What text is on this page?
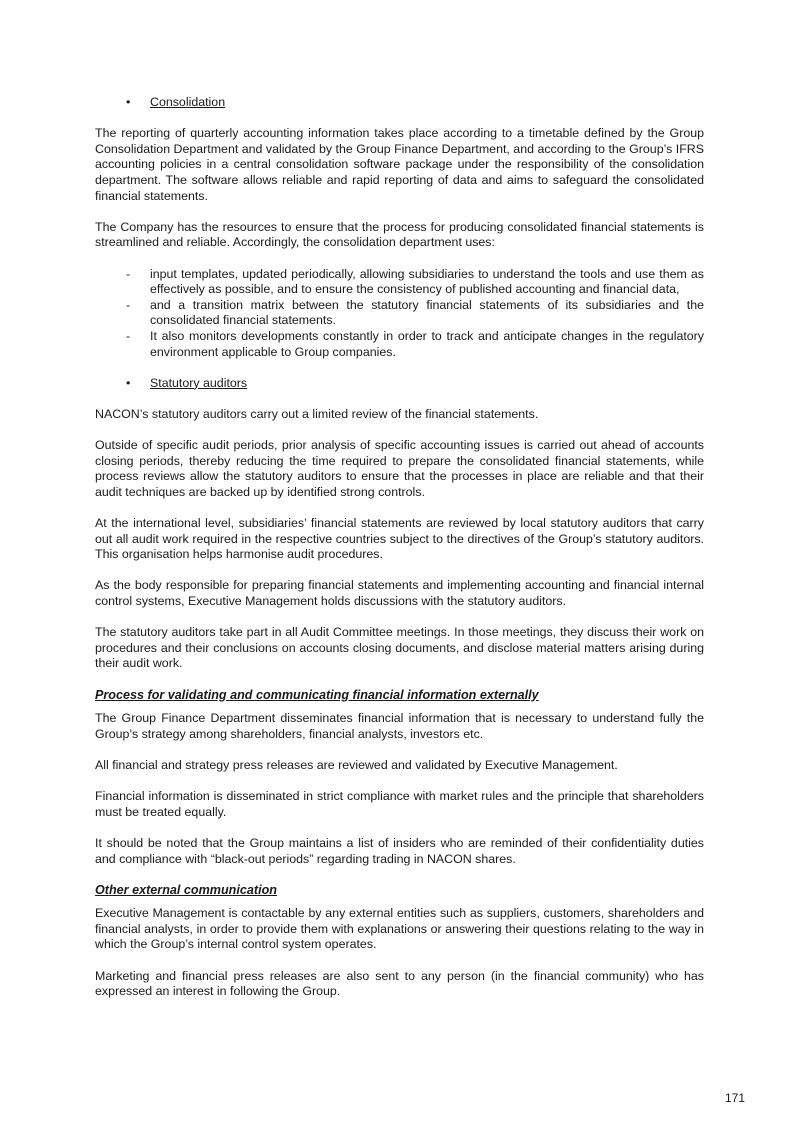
• Consolidation

The reporting of quarterly accounting information takes place according to a timetable defined by the Group Consolidation Department and validated by the Group Finance Department, and according to the Group’s IFRS accounting policies in a central consolidation software package under the responsibility of the consolidation department. The software allows reliable and rapid reporting of data and aims to safeguard the consolidated financial statements.

The Company has the resources to ensure that the process for producing consolidated financial statements is streamlined and reliable. Accordingly, the consolidation department uses:

- input templates, updated periodically, allowing subsidiaries to understand the tools and use them as effectively as possible, and to ensure the consistency of published accounting and financial data,
- and a transition matrix between the statutory financial statements of its subsidiaries and the consolidated financial statements.
- It also monitors developments constantly in order to track and anticipate changes in the regulatory environment applicable to Group companies.
• Statutory auditors

NACON’s statutory auditors carry out a limited review of the financial statements.

Outside of specific audit periods, prior analysis of specific accounting issues is carried out ahead of accounts closing periods, thereby reducing the time required to prepare the consolidated financial statements, while process reviews allow the statutory auditors to ensure that the processes in place are reliable and that their audit techniques are backed up by identified strong controls.

At the international level, subsidiaries’ financial statements are reviewed by local statutory auditors that carry out all audit work required in the respective countries subject to the directives of the Group’s statutory auditors. This organisation helps harmonise audit procedures.

As the body responsible for preparing financial statements and implementing accounting and financial internal control systems, Executive Management holds discussions with the statutory auditors.

The statutory auditors take part in all Audit Committee meetings. In those meetings, they discuss their work on procedures and their conclusions on accounts closing documents, and disclose material matters arising during their audit work.

Process for validating and communicating financial information externally

The Group Finance Department disseminates financial information that is necessary to understand fully the Group’s strategy among shareholders, financial analysts, investors etc.

All financial and strategy press releases are reviewed and validated by Executive Management.

Financial information is disseminated in strict compliance with market rules and the principle that shareholders must be treated equally.

It should be noted that the Group maintains a list of insiders who are reminded of their confidentiality duties and compliance with “black-out periods” regarding trading in NACON shares.

Other external communication

Executive Management is contactable by any external entities such as suppliers, customers, shareholders and financial analysts, in order to provide them with explanations or answering their questions relating to the way in which the Group’s internal control system operates.

Marketing and financial press releases are also sent to any person (in the financial community) who has expressed an interest in following the Group.

171
